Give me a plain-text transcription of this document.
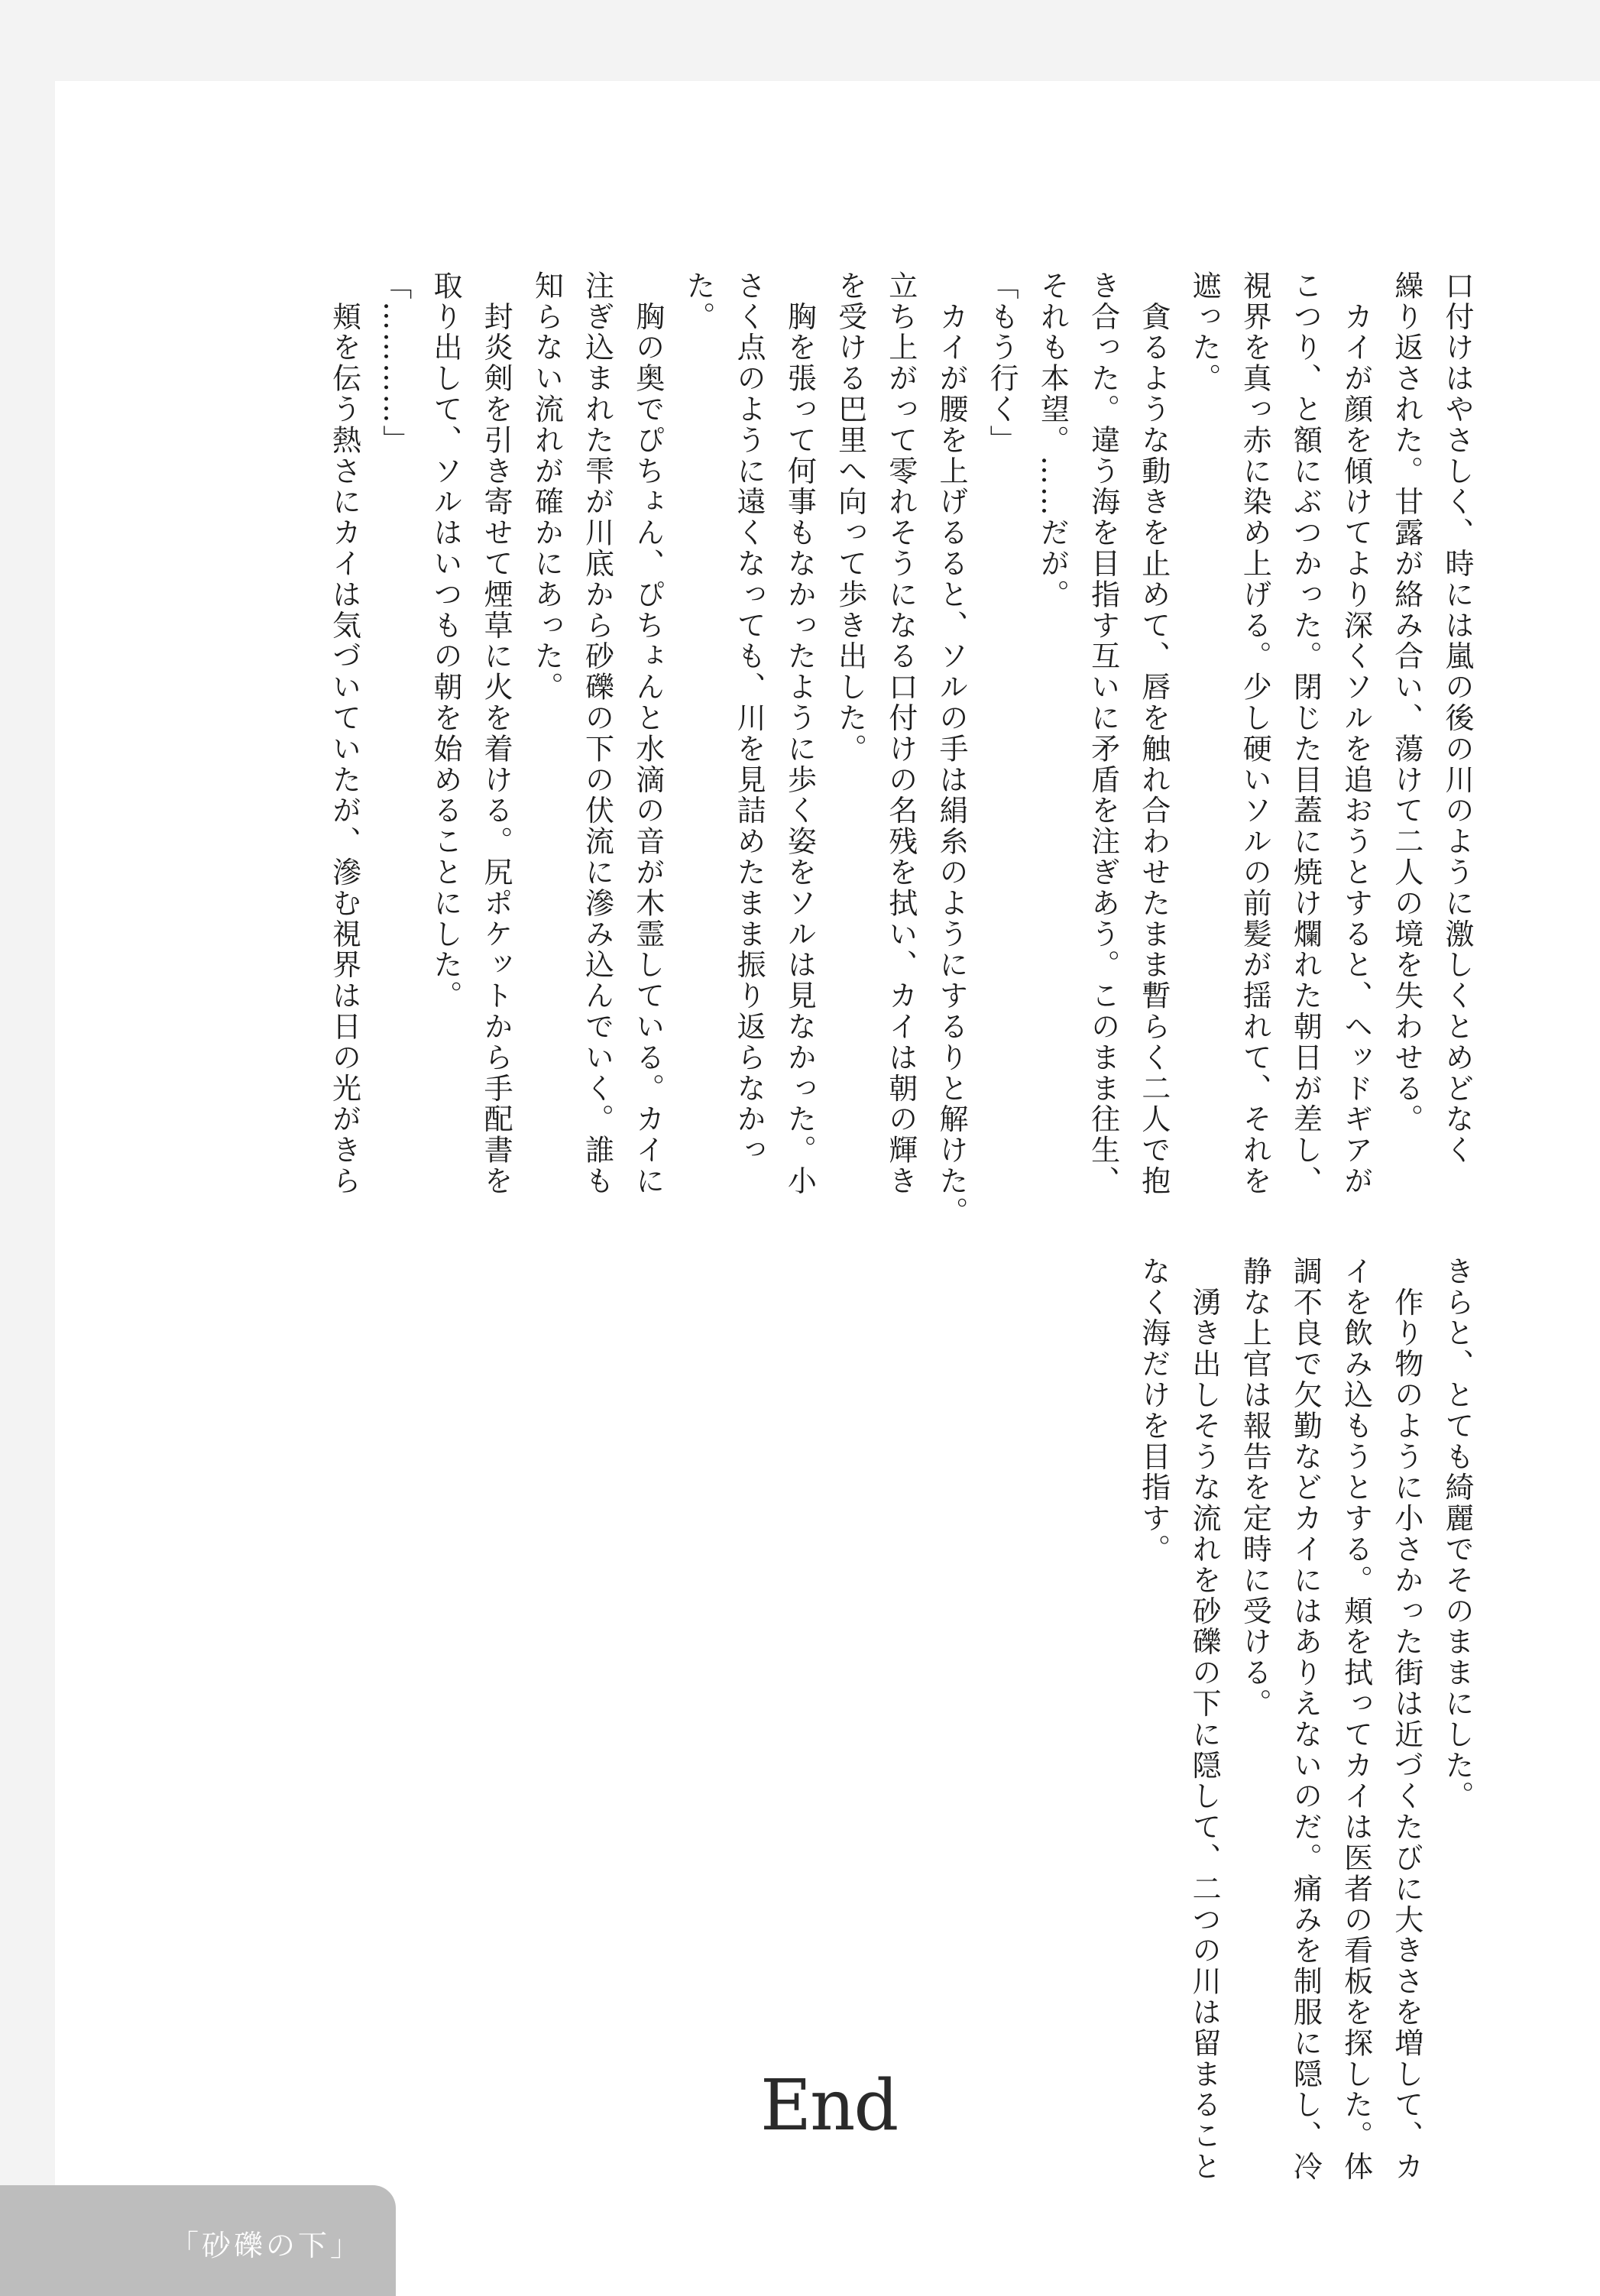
口付けはやさしく、時には嵐の後の川のように激しくとめどなく
繰り返された。甘露が絡み合い、蕩けて二人の境を失わせる。
　カイが顔を傾けてより深くソルを追おうとすると、ヘッドギアが
こつり、と額にぶつかった。閉じた目蓋に焼け爛れた朝日が差し、
視界を真っ赤に染め上げる。少し硬いソルの前髪が揺れて、それを
遮った。
　貪るような動きを止めて、唇を触れ合わせたまま暫らく二人で抱
き合った。違う海を目指す互いに矛盾を注ぎあう。このまま往生、
それも本望。……だが。
「もう行く」
　カイが腰を上げるると、ソルの手は絹糸のようにするりと解けた。
立ち上がって零れそうになる口付けの名残を拭い、カイは朝の輝き
を受ける巴里へ向って歩き出した。
　胸を張って何事もなかったように歩く姿をソルは見なかった。小
さく点のように遠くなっても、川を見詰めたまま振り返らなかっ
た。
　胸の奥でぴちょん、ぴちょんと水滴の音が木霊している。カイに
注ぎ込まれた雫が川底から砂礫の下の伏流に滲み込んでいく。誰も
知らない流れが確かにあった。
　封炎剣を引き寄せて煙草に火を着ける。尻ポケットから手配書を
取り出して、ソルはいつもの朝を始めることにした。
「…………」
　頬を伝う熱さにカイは気づいていたが、滲む視界は日の光がきら

きらと、とても綺麗でそのままにした。
　作り物のように小さかった街は近づくたびに大きさを増して、カ
イを飲み込もうとする。頬を拭ってカイは医者の看板を探した。体
調不良で欠勤などカイにはありえないのだ。痛みを制服に隠し、冷
静な上官は報告を定時に受ける。
　湧き出しそうな流れを砂礫の下に隠して、二つの川は留まること
なく海だけを目指す。

End
「砂礫の下」
